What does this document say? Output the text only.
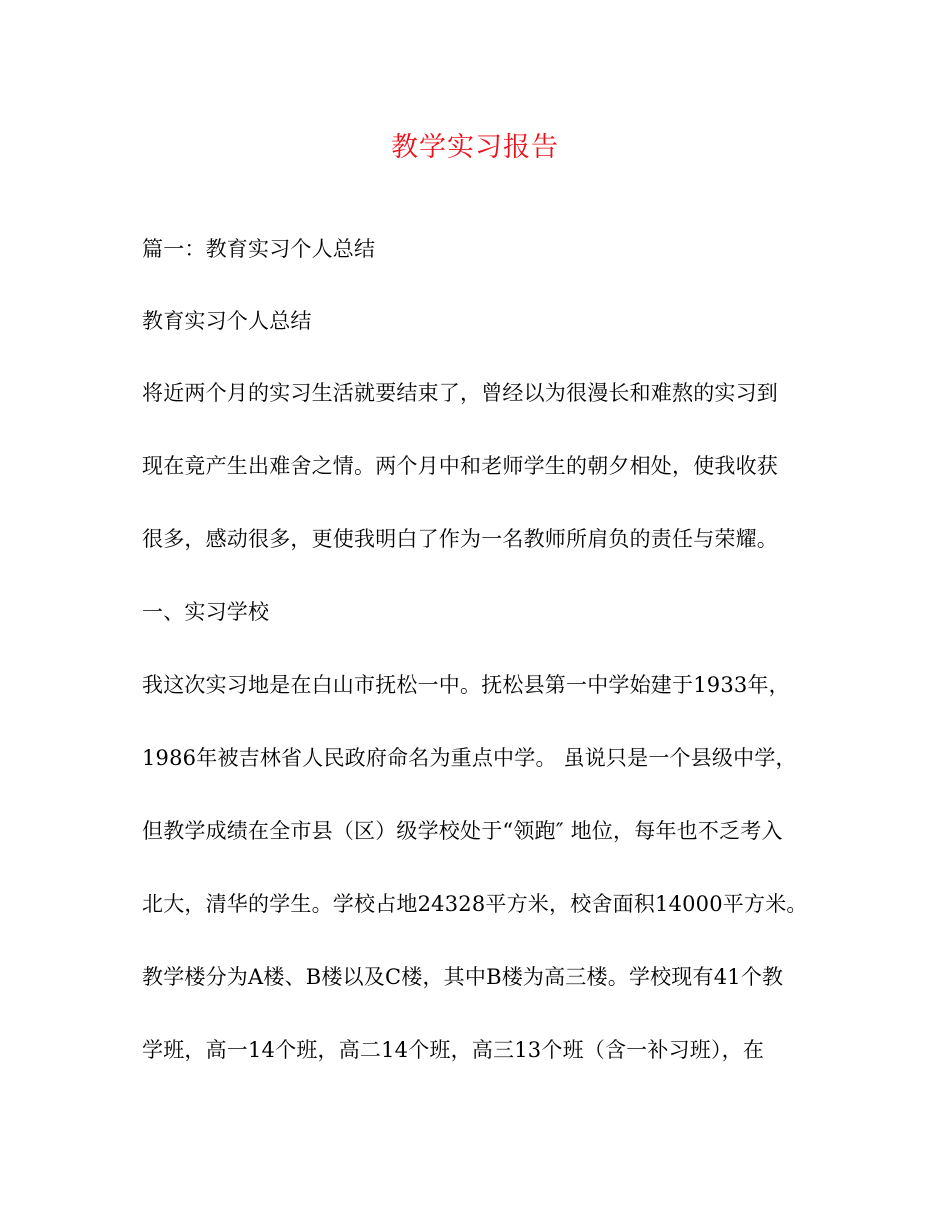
教学实习报告
篇一：教育实习个人总结
教育实习个人总结
将近两个月的实习生活就要结束了，曾经以为很漫长和难熬的实习到
现在竟产生出难舍之情。两个月中和老师学生的朝夕相处，使我收获
很多，感动很多，更使我明白了作为一名教师所肩负的责任与荣耀。
一、实习学校
我这次实习地是在白山市抚松一中。抚松县第一中学始建于1933年，
1986年被吉林省人民政府命名为重点中学。 虽说只是一个县级中学，
但教学成绩在全市县（区）级学校处于“领跑″ 地位，每年也不乏考入
北大，清华的学生。学校占地24328平方米，校舍面积14000平方米。
教学楼分为A楼、B楼以及C楼，其中B楼为高三楼。学校现有41个教
学班，高一14个班，高二14个班，高三13个班（含一补习班），在
